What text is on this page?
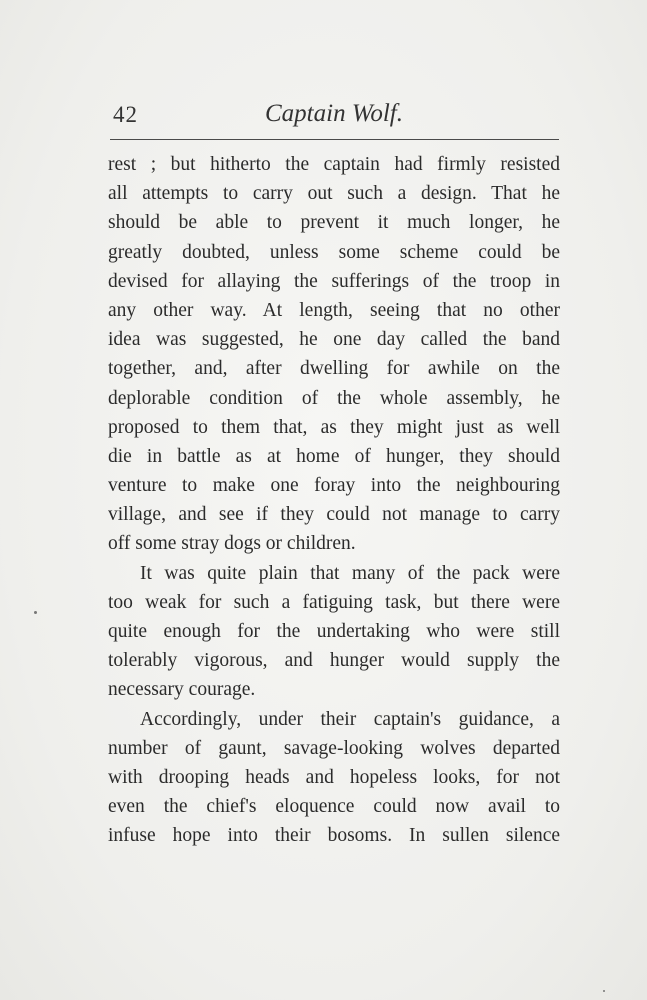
42	Captain Wolf.
rest ; but hitherto the captain had firmly resisted
all attempts to carry out such a design. That he
should be able to prevent it much longer, he
greatly doubted, unless some scheme could be
devised for allaying the sufferings of the troop in
any other way. At length, seeing that no other
idea was suggested, he one day called the band
together, and, after dwelling for awhile on the
deplorable condition of the whole assembly, he
proposed to them that, as they might just as well
die in battle as at home of hunger, they should
venture to make one foray into the neighbouring
village, and see if they could not manage to carry
off some stray dogs or children.
It was quite plain that many of the pack were
too weak for such a fatiguing task, but there were
quite enough for the undertaking who were still
tolerably vigorous, and hunger would supply the
necessary courage.
Accordingly, under their captain's guidance, a
number of gaunt, savage-looking wolves departed
with drooping heads and hopeless looks, for not
even the chief's eloquence could now avail to
infuse hope into their bosoms. In sullen silence
